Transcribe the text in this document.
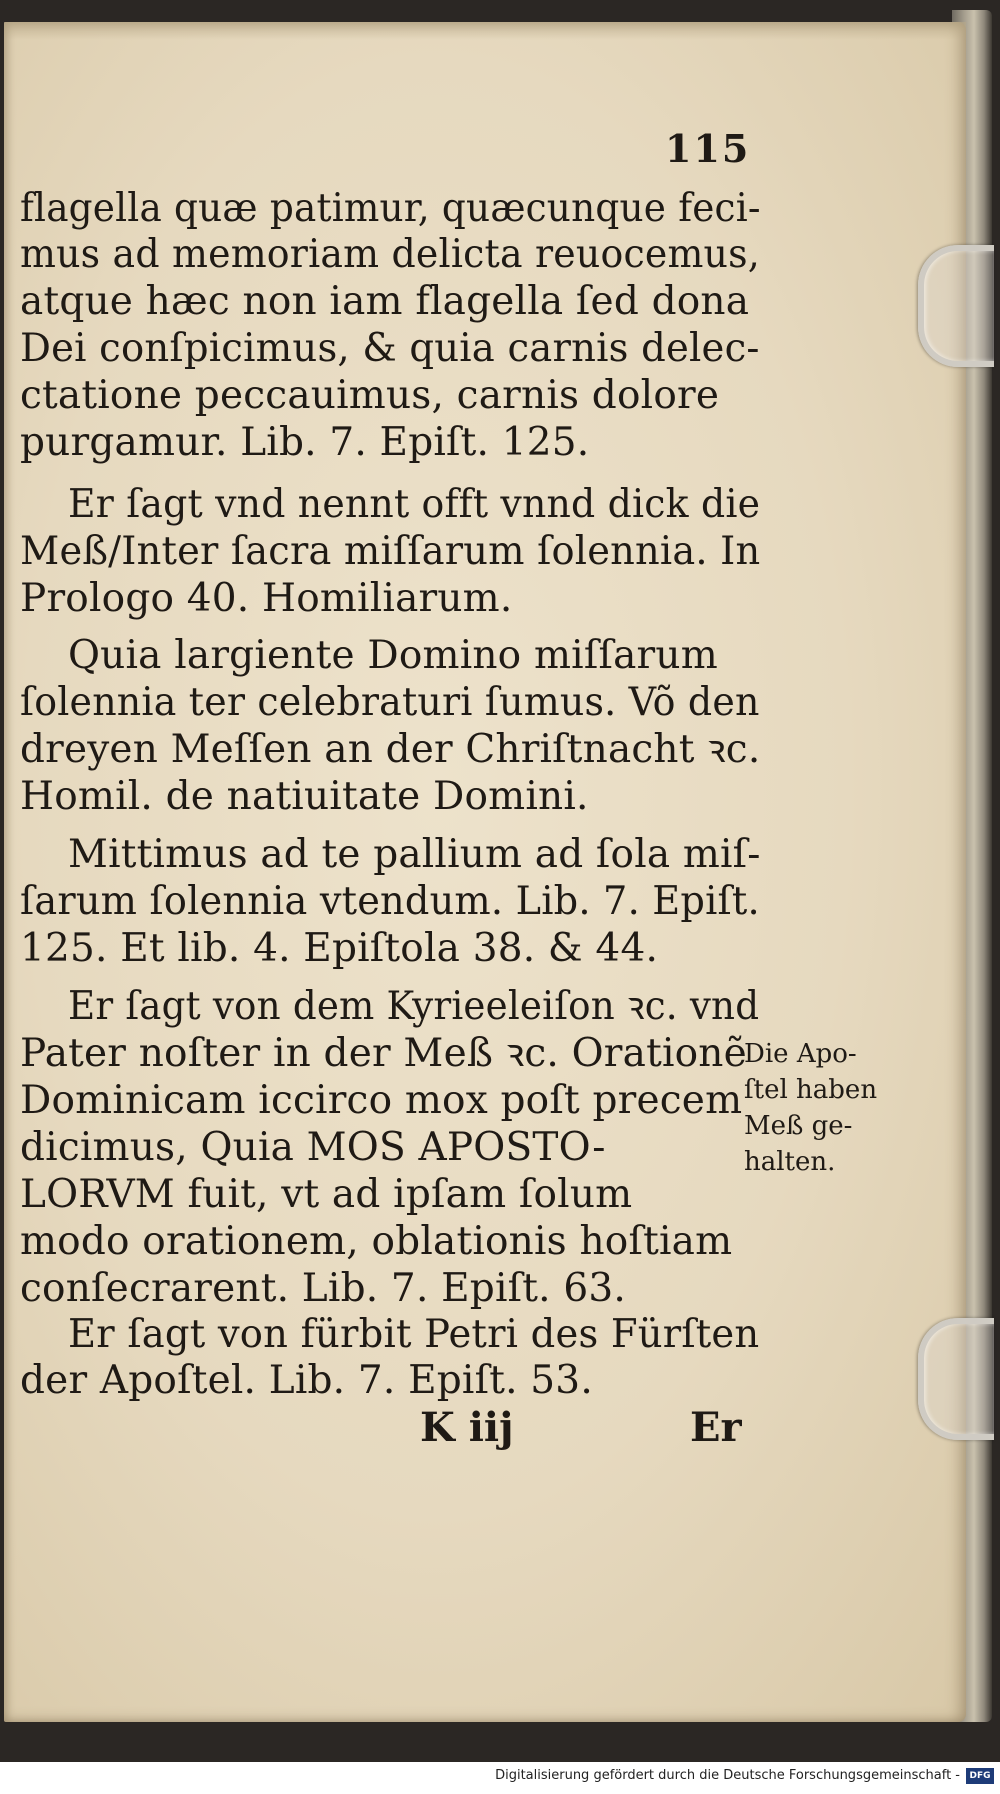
115
flagella quæ patimur, quæcunque feci-
mus ad memoriam delicta reuocemus,
atque hæc non iam flagella ſed dona
Dei conſpicimus, & quia carnis delec-
ctatione peccauimus, carnis dolore
purgamur. Lib. 7. Epiſt. 125.
Er ſagt vnd nennt offt vnnd dick die
Meß/Inter ſacra miſſarum ſolennia. In
Prologo 40. Homiliarum.
Quia largiente Domino miſſarum
ſolennia ter celebraturi ſumus. Võ den
dreyen Meſſen an der Chriſtnacht ꝛc.
Homil. de natiuitate Domini.
Mittimus ad te pallium ad ſola miſ-
ſarum ſolennia vtendum. Lib. 7. Epiſt.
125. Et lib. 4. Epiſtola 38. & 44.
Er ſagt von dem Kyrieeleiſon ꝛc. vnd
Pater noſter in der Meß ꝛc. Orationẽ
Dominicam iccirco mox poſt precem
dicimus, Quia MOS APOSTO-
LORVM fuit, vt ad ipſam ſolum
modo orationem, oblationis hoſtiam
conſecrarent. Lib. 7. Epiſt. 63.
Er ſagt von fürbit Petri des Fürſten
der Apoſtel. Lib. 7. Epiſt. 53.
Die Apo-
ſtel haben
Meß ge-
halten.
K iij	Er
Digitalisierung gefördert durch die Deutsche Forschungsgemeinschaft -	DFG
